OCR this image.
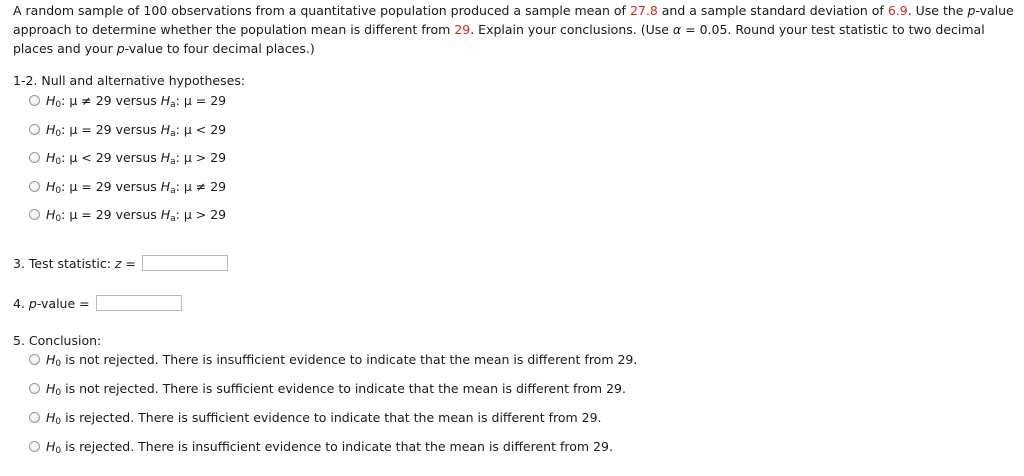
A random sample of 100 observations from a quantitative population produced a sample mean of 27.8 and a sample standard deviation of 6.9. Use the p-value approach to determine whether the population mean is different from 29. Explain your conclusions. (Use α = 0.05. Round your test statistic to two decimal places and your p-value to four decimal places.)
1-2. Null and alternative hypotheses:
$H_0$: μ ≠ 29 versus $H_a$: μ = 29
$H_0$: μ = 29 versus $H_a$: μ < 29
$H_0$: μ < 29 versus $H_a$: μ > 29
$H_0$: μ = 29 versus $H_a$: μ ≠ 29
$H_0$: μ = 29 versus $H_a$: μ > 29
3. Test statistic: z =
4. p-value =
5. Conclusion:
$H_0$ is not rejected. There is insufficient evidence to indicate that the mean is different from 29.
$H_0$ is not rejected. There is sufficient evidence to indicate that the mean is different from 29.
$H_0$ is rejected. There is sufficient evidence to indicate that the mean is different from 29.
$H_0$ is rejected. There is insufficient evidence to indicate that the mean is different from 29.
